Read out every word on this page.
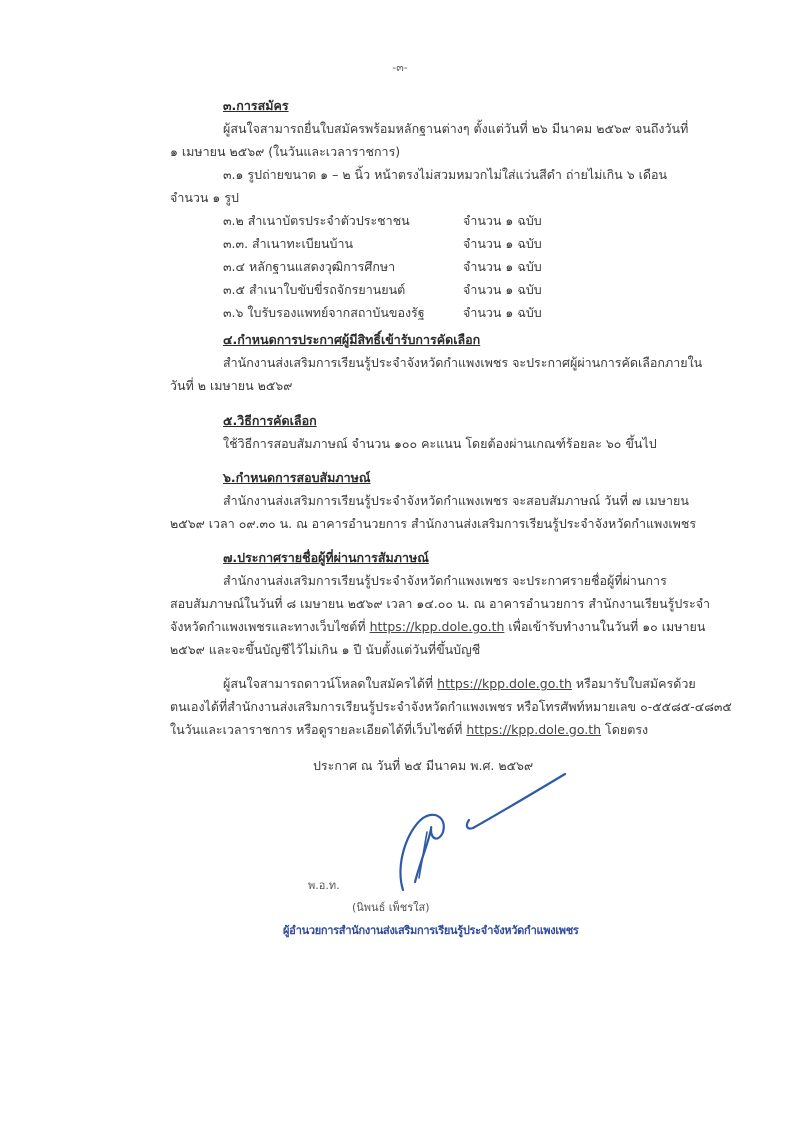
-๓-
๓.การสมัคร
ผู้สนใจสามารถยื่นใบสมัครพร้อมหลักฐานต่างๆ ตั้งแต่วันที่ ๒๖ มีนาคม ๒๕๖๙ จนถึงวันที่
๑ เมษายน ๒๕๖๙ (ในวันและเวลาราชการ)
๓.๑ รูปถ่ายขนาด ๑ – ๒ นิ้ว หน้าตรงไม่สวมหมวกไม่ใส่แว่นสีดำ ถ่ายไม่เกิน ๖ เดือน
จำนวน ๑ รูป
๓.๒ สำเนาบัตรประจำตัวประชาชน	จำนวน ๑ ฉบับ
๓.๓. สำเนาทะเบียนบ้าน	จำนวน ๑ ฉบับ
๓.๔ หลักฐานแสดงวุฒิการศึกษา	จำนวน ๑ ฉบับ
๓.๕ สำเนาใบขับขี่รถจักรยานยนต์	จำนวน ๑ ฉบับ
๓.๖ ใบรับรองแพทย์จากสถาบันของรัฐ	จำนวน ๑ ฉบับ
๔.กำหนดการประกาศผู้มีสิทธิ์เข้ารับการคัดเลือก
สำนักงานส่งเสริมการเรียนรู้ประจำจังหวัดกำแพงเพชร จะประกาศผู้ผ่านการคัดเลือกภายใน
วันที่ ๒ เมษายน ๒๕๖๙
๕.วิธีการคัดเลือก
ใช้วิธีการสอบสัมภาษณ์ จำนวน ๑๐๐ คะแนน โดยต้องผ่านเกณฑ์ร้อยละ ๖๐ ขึ้นไป
๖.กำหนดการสอบสัมภาษณ์
สำนักงานส่งเสริมการเรียนรู้ประจำจังหวัดกำแพงเพชร จะสอบสัมภาษณ์ วันที่ ๗ เมษายน
๒๕๖๙ เวลา ๐๙.๓๐ น. ณ อาคารอำนวยการ สำนักงานส่งเสริมการเรียนรู้ประจำจังหวัดกำแพงเพชร
๗.ประกาศรายชื่อผู้ที่ผ่านการสัมภาษณ์
สำนักงานส่งเสริมการเรียนรู้ประจำจังหวัดกำแพงเพชร จะประกาศรายชื่อผู้ที่ผ่านการ
สอบสัมภาษณ์ในวันที่ ๘ เมษายน ๒๕๖๙ เวลา ๑๔.๐๐ น. ณ อาคารอำนวยการ สำนักงานเรียนรู้ประจำ
จังหวัดกำแพงเพชรและทางเว็บไซต์ที่ https://kpp.dole.go.th เพื่อเข้ารับทำงานในวันที่ ๑๐ เมษายน
๒๕๖๙ และจะขึ้นบัญชีไว้ไม่เกิน ๑ ปี นับตั้งแต่วันที่ขึ้นบัญชี
ผู้สนใจสามารถดาวน์โหลดใบสมัครได้ที่ https://kpp.dole.go.th หรือมารับใบสมัครด้วย
ตนเองได้ที่สำนักงานส่งเสริมการเรียนรู้ประจำจังหวัดกำแพงเพชร หรือโทรศัพท์หมายเลข ๐-๕๕๘๕-๔๘๓๕
ในวันและเวลาราชการ หรือดูรายละเอียดได้ที่เว็บไซต์ที่ https://kpp.dole.go.th โดยตรง
ประกาศ ณ วันที่ ๒๕ มีนาคม พ.ศ. ๒๕๖๙
พ.อ.ท.
(นิพนธ์ เพ็ชรใส)
ผู้อำนวยการสำนักงานส่งเสริมการเรียนรู้ประจำจังหวัดกำแพงเพชร
